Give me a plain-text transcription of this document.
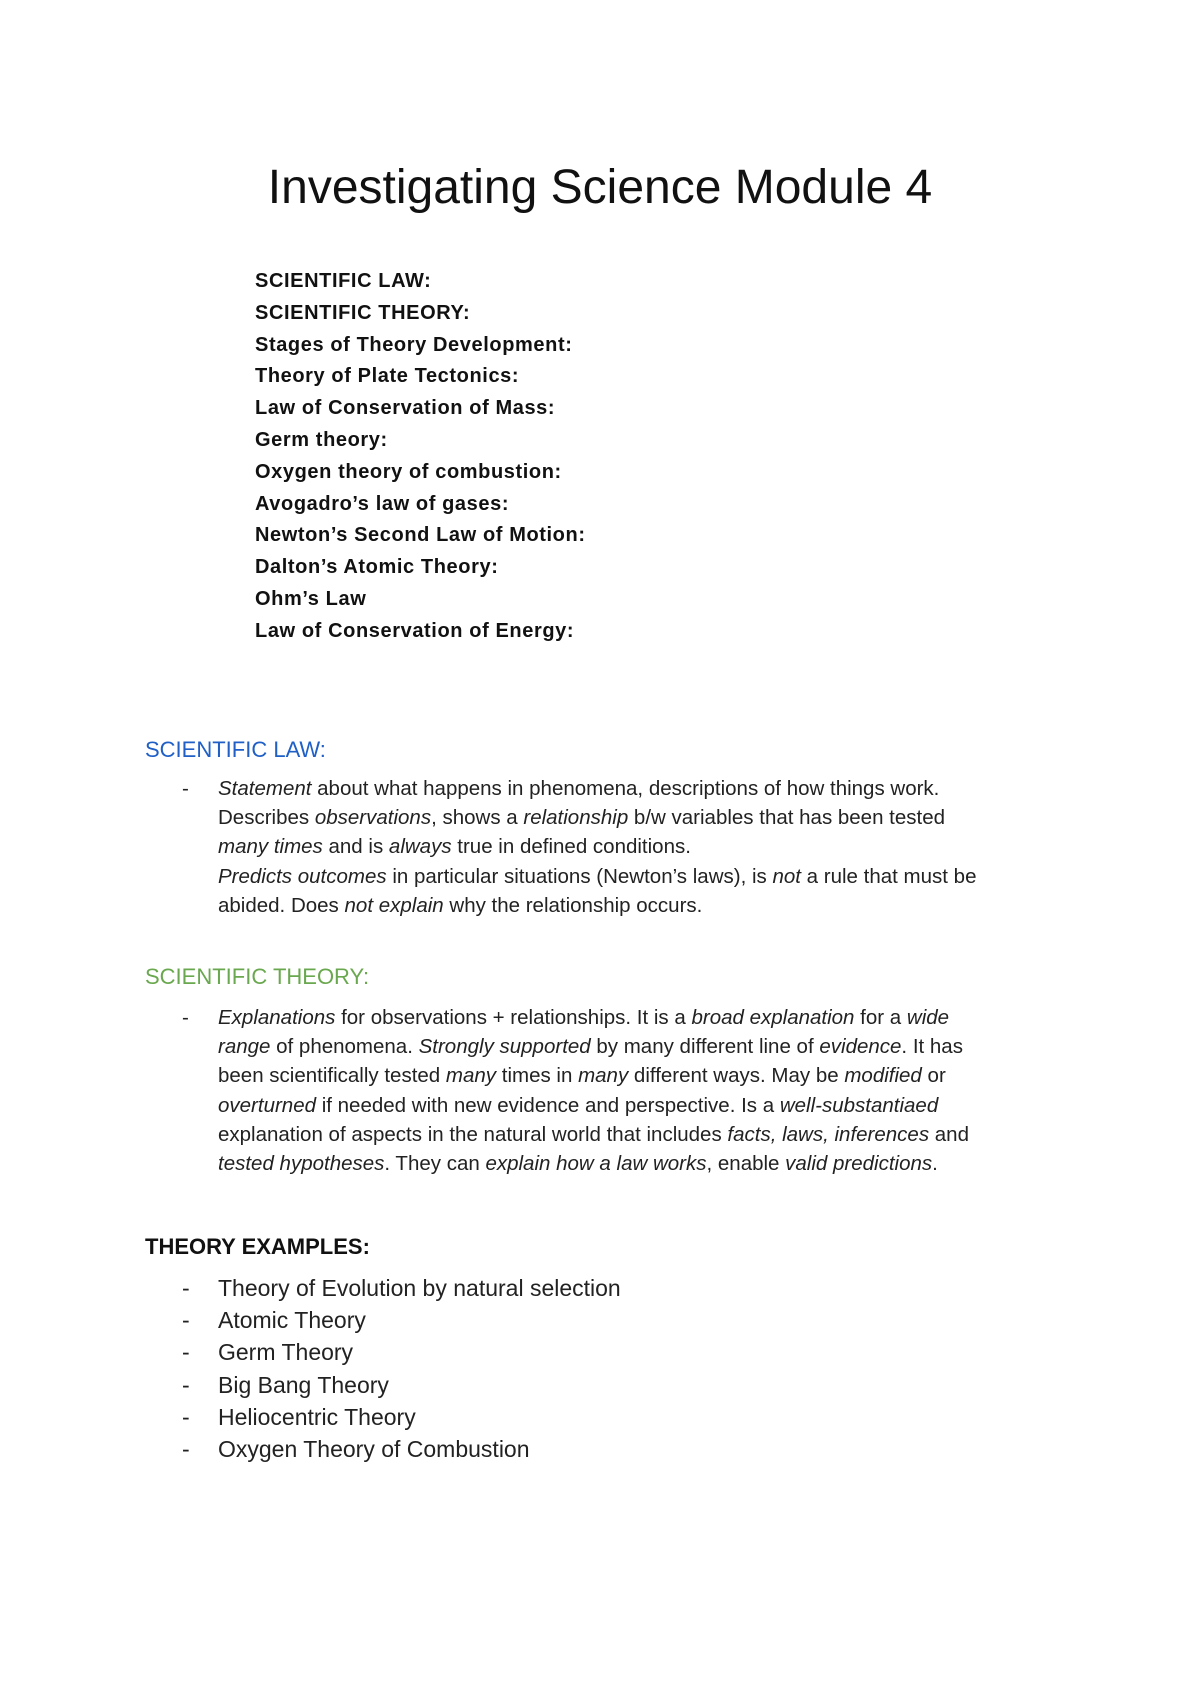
Investigating Science Module 4
SCIENTIFIC LAW:
SCIENTIFIC THEORY:
Stages of Theory Development:
Theory of Plate Tectonics:
Law of Conservation of Mass:
Germ theory:
Oxygen theory of combustion:
Avogadro’s law of gases:
Newton’s Second Law of Motion:
Dalton’s Atomic Theory:
Ohm’s Law
Law of Conservation of Energy:
SCIENTIFIC LAW:
- Statement about what happens in phenomena, descriptions of how things work.
Describes observations, shows a relationship b/w variables that has been tested
many times and is always true in defined conditions.
Predicts outcomes in particular situations (Newton’s laws), is not a rule that must be
abided. Does not explain why the relationship occurs.
SCIENTIFIC THEORY:
- Explanations for observations + relationships. It is a broad explanation for a wide
range of phenomena. Strongly supported by many different line of evidence. It has
been scientifically tested many times in many different ways. May be modified or
overturned if needed with new evidence and perspective. Is a well-substantiaed
explanation of aspects in the natural world that includes facts, laws, inferences and
tested hypotheses. They can explain how a law works, enable valid predictions.
THEORY EXAMPLES:
- Theory of Evolution by natural selection
- Atomic Theory
- Germ Theory
- Big Bang Theory
- Heliocentric Theory
- Oxygen Theory of Combustion
